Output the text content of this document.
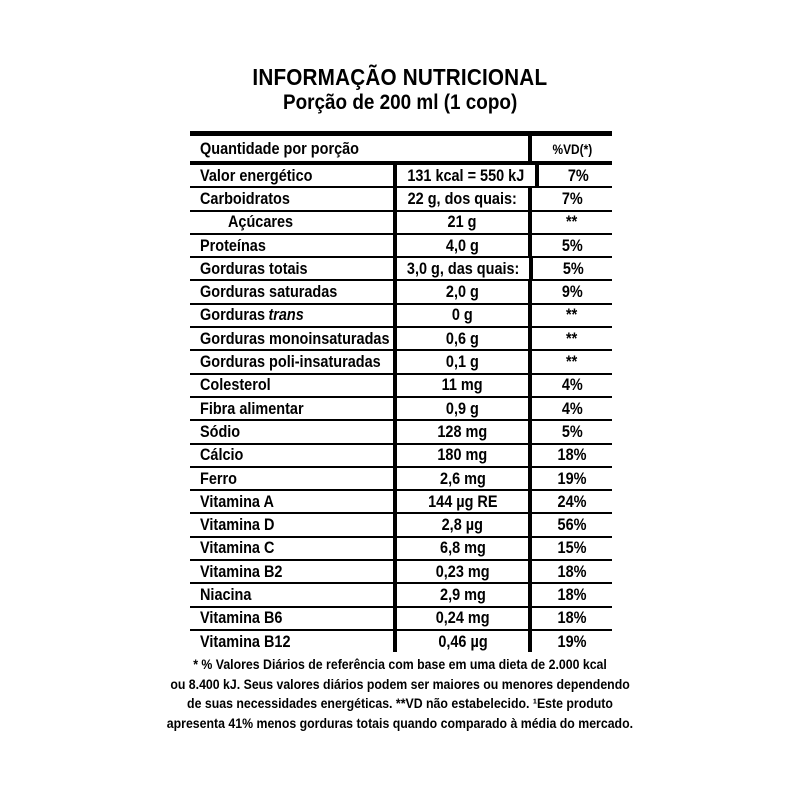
INFORMAÇÃO NUTRICIONAL
Porção de 200 ml (1 copo)
Quantidade por porção	%VD(*)
Valor energético	131 kcal = 550 kJ	7%
Carboidratos	22 g, dos quais:	7%
Açúcares	21 g	**
Proteínas	4,0 g	5%
Gorduras totais	3,0 g, das quais:	5%
Gorduras saturadas	2,0 g	9%
Gorduras trans	0 g	**
Gorduras monoinsaturadas	0,6 g	**
Gorduras poli-insaturadas	0,1 g	**
Colesterol	11 mg	4%
Fibra alimentar	0,9 g	4%
Sódio	128 mg	5%
Cálcio	180 mg	18%
Ferro	2,6 mg	19%
Vitamina A	144 µg RE	24%
Vitamina D	2,8 µg	56%
Vitamina C	6,8 mg	15%
Vitamina B2	0,23 mg	18%
Niacina	2,9 mg	18%
Vitamina B6	0,24 mg	18%
Vitamina B12	0,46 µg	19%
* % Valores Diários de referência com base em uma dieta de 2.000 kcal
ou 8.400 kJ. Seus valores diários podem ser maiores ou menores dependendo
de suas necessidades energéticas. **VD não estabelecido. ¹Este produto
apresenta 41% menos gorduras totais quando comparado à média do mercado.
